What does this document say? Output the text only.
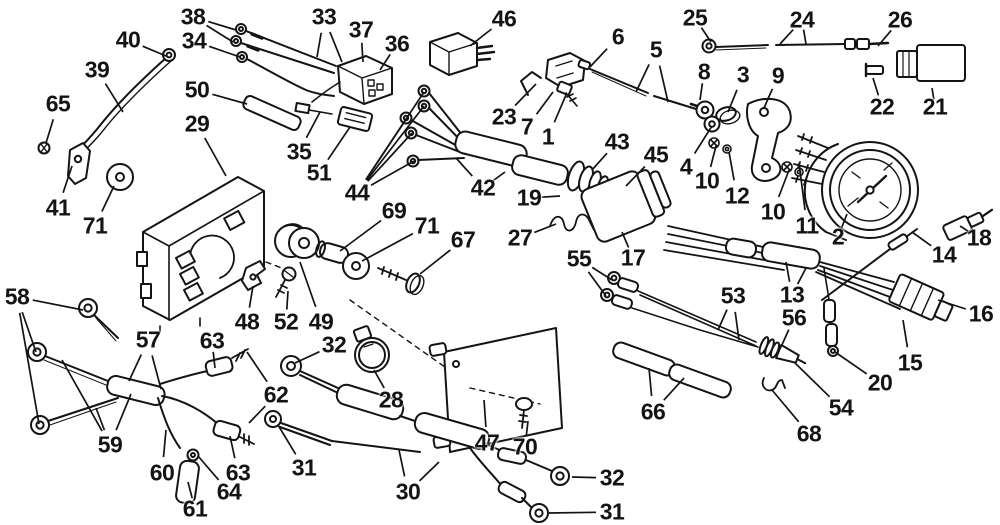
38
34
40
39
65
50
29
33 37
36
46
35
51
44
23 7 1
6 5
8 3 9
25	24	26
22 21
42
43 45
19
4
10
12
10
11 2	18
14
41
71
69
71
67 27
17
55
13
16
15
20
53
56
54
68
58
57 63
62
48 52 49
59
60
61
63
64
32
28
31
30
47 70
66
32
31
